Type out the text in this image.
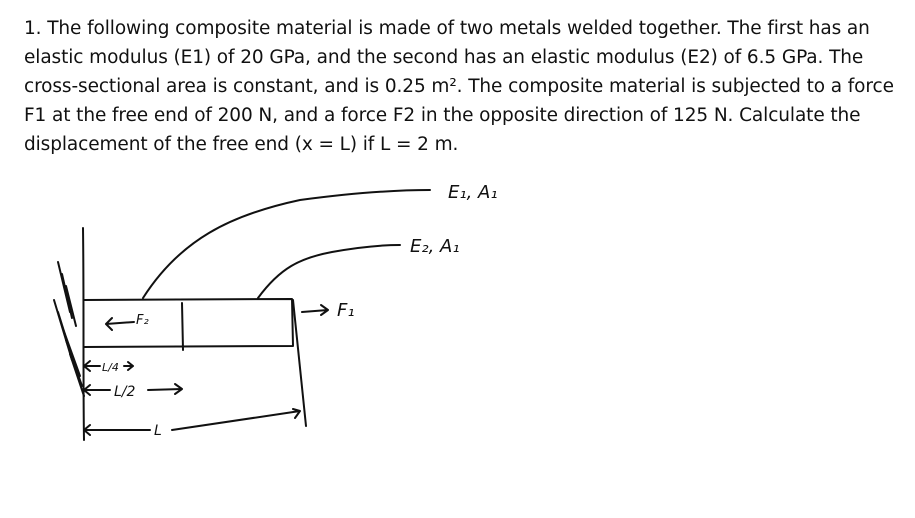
1. The following composite material is made of two metals welded together. The first has an
elastic modulus (E1) of 20 GPa, and the second has an elastic modulus (E2) of 6.5 GPa. The
cross-sectional area is constant, and is 0.25 m². The composite material is subjected to a force
F1 at the free end of 200 N, and a force F2 in the opposite direction of 125 N. Calculate the
displacement of the free end (x = L) if L = 2 m.
E₁, A₁
E₂, A₁
F₁
F₂
L/4
L/2
L
